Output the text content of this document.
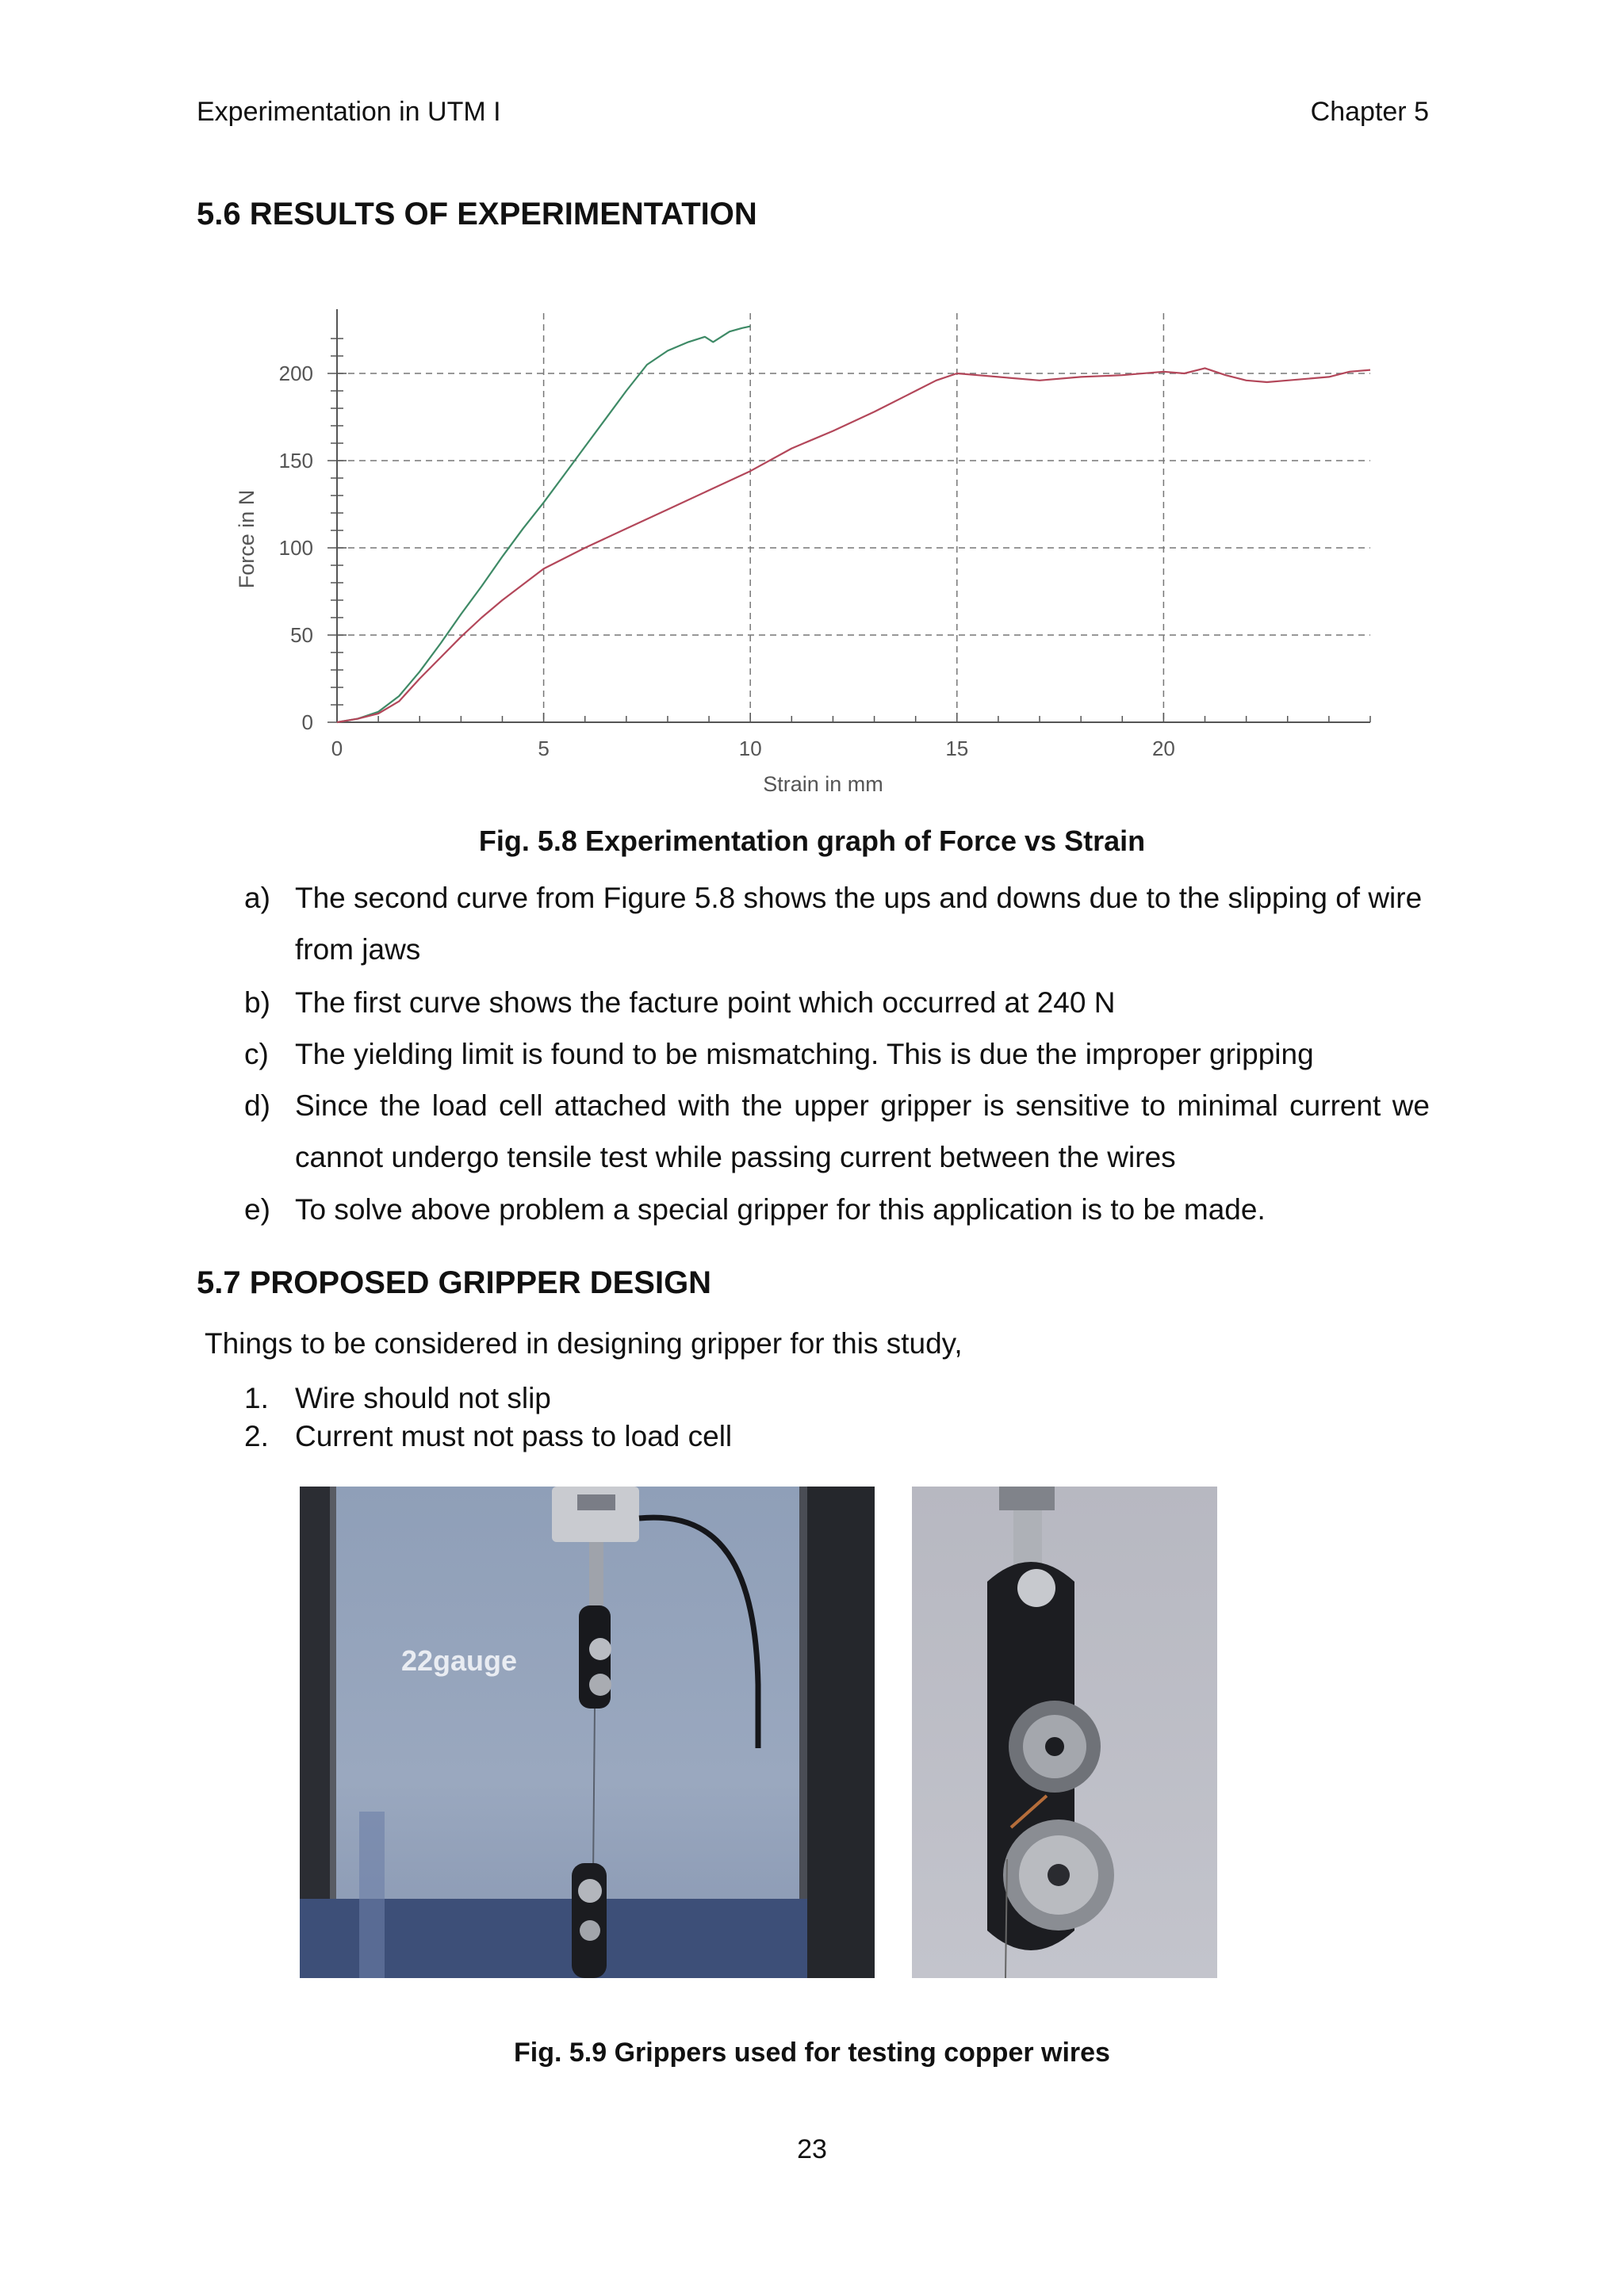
Experimentation in UTM I	Chapter 5
5.6 RESULTS OF EXPERIMENTATION
0	5	10	15	20
0
50
100
150
200
Strain in mm
Force in N
Fig. 5.8 Experimentation graph of Force vs Strain
a) The second curve from Figure 5.8 shows the ups and downs due to the slipping of wire from jaws
b) The first curve shows the facture point which occurred at 240 N
c) The yielding limit is found to be mismatching. This is due the improper gripping
d) Since the load cell attached with the upper gripper is sensitive to minimal current we cannot undergo tensile test while passing current between the wires
e) To solve above problem a special gripper for this application is to be made.
5.7 PROPOSED GRIPPER DESIGN
Things to be considered in designing gripper for this study,
1. Wire should not slip
2. Current must not pass to load cell
22gauge
Fig. 5.9 Grippers used for testing copper wires
23
